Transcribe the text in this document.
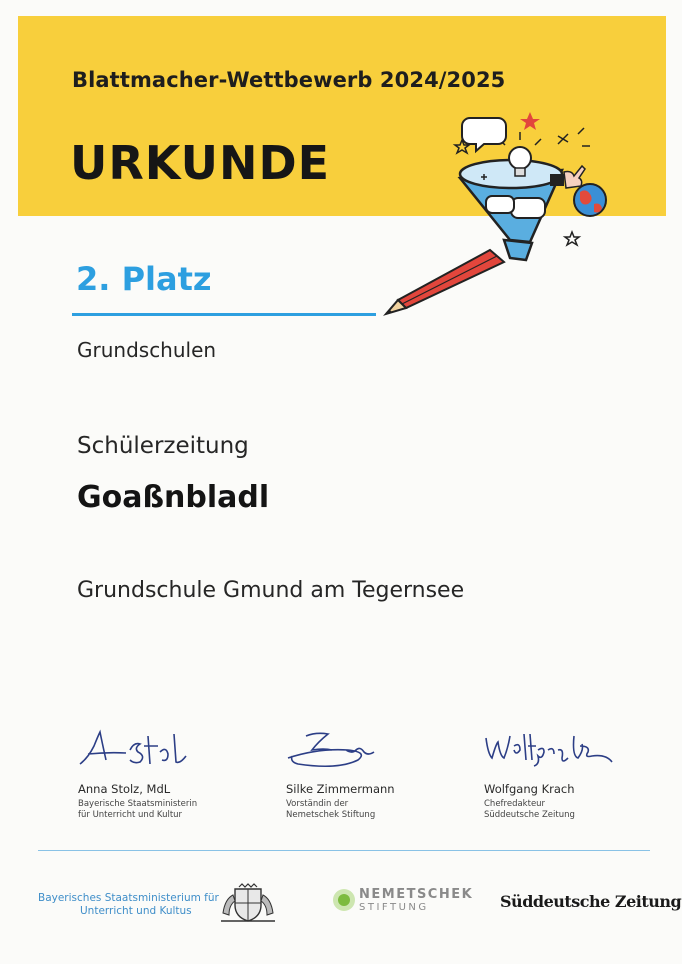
Blattmacher-Wettbewerb 2024/2025
URKUNDE
2. Platz
Grundschulen
Schülerzeitung
Goaßnbladl
Grundschule Gmund am Tegernsee
Anna Stolz, MdL
Bayerische Staatsministerin
für Unterricht und Kultur
Silke Zimmermann
Vorständin der
Nemetschek Stiftung
Wolfgang Krach
Chefredakteur
Süddeutsche Zeitung
Bayerisches Staatsministerium für
Unterricht und Kultus
NEMETSCHEK
STIFTUNG	Süddeutsche Zeitung
